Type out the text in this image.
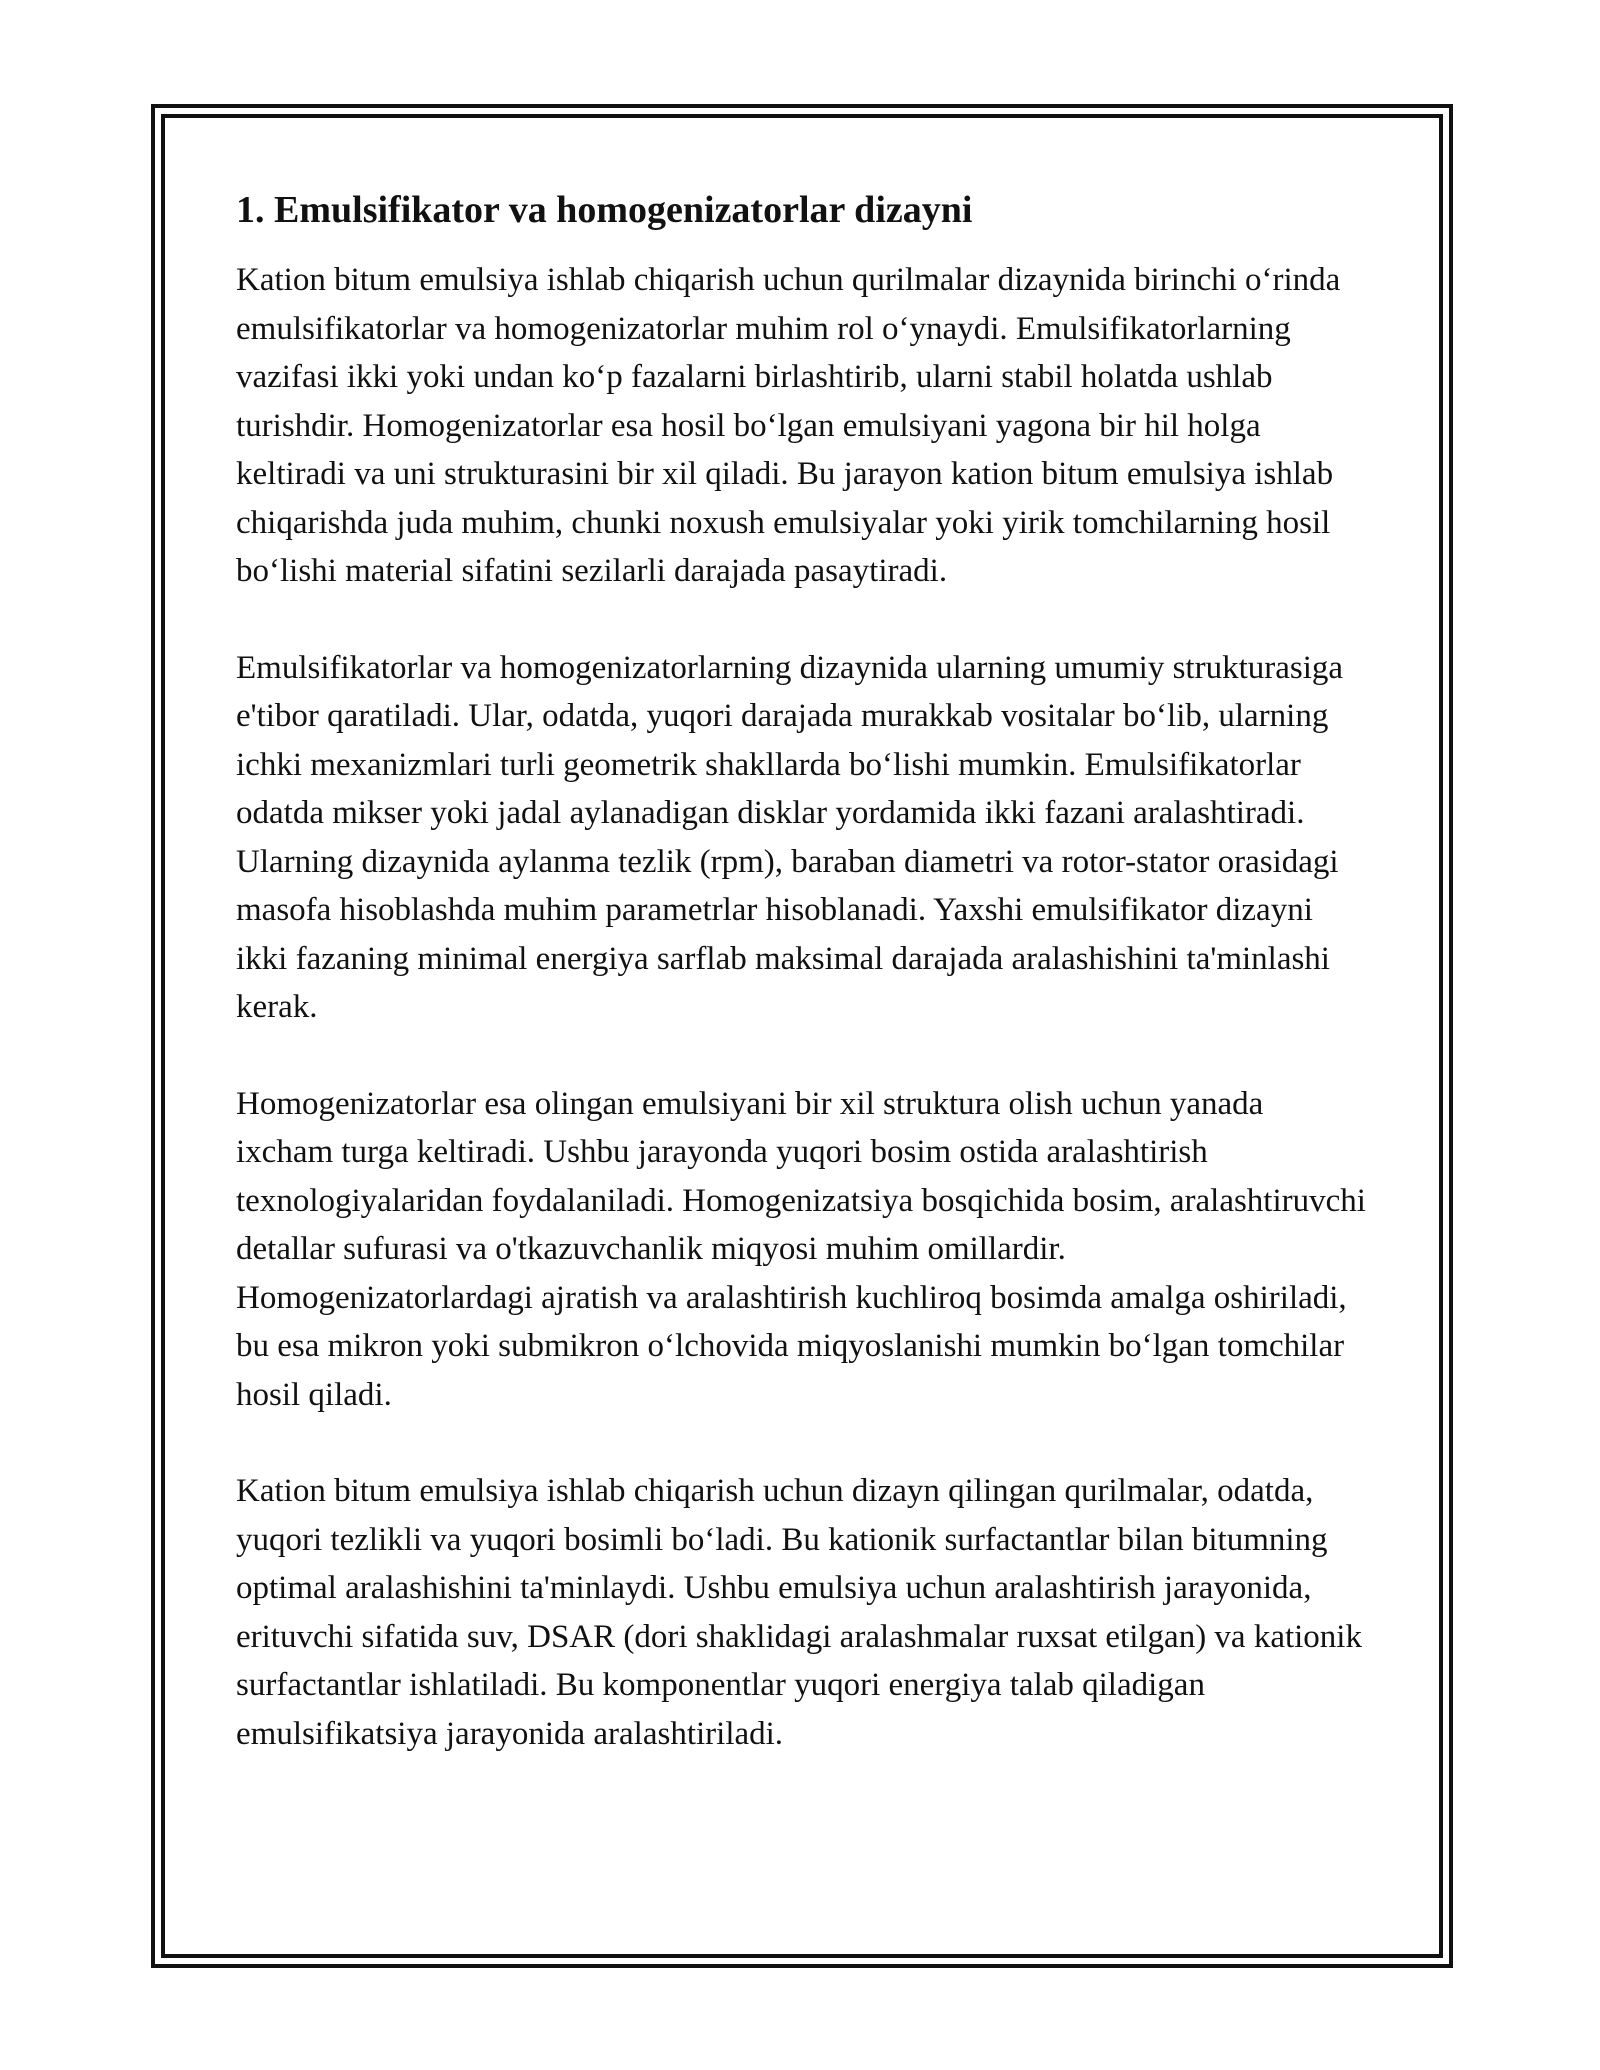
1. Emulsifikator va homogenizatorlar dizayni

Kation bitum emulsiya ishlab chiqarish uchun qurilmalar dizaynida birinchi o‘rinda emulsifikatorlar va homogenizatorlar muhim rol o‘ynaydi. Emulsifikatorlarning vazifasi ikki yoki undan ko‘p fazalarni birlashtirib, ularni stabil holatda ushlab turishdir. Homogenizatorlar esa hosil bo‘lgan emulsiyani yagona bir hil holga keltiradi va uni strukturasini bir xil qiladi. Bu jarayon kation bitum emulsiya ishlab chiqarishda juda muhim, chunki noxush emulsiyalar yoki yirik tomchilarning hosil bo‘lishi material sifatini sezilarli darajada pasaytiradi.

Emulsifikatorlar va homogenizatorlarning dizaynida ularning umumiy strukturasiga e'tibor qaratiladi. Ular, odatda, yuqori darajada murakkab vositalar bo‘lib, ularning ichki mexanizmlari turli geometrik shakllarda bo‘lishi mumkin. Emulsifikatorlar odatda mikser yoki jadal aylanadigan disklar yordamida ikki fazani aralashtiradi. Ularning dizaynida aylanma tezlik (rpm), baraban diametri va rotor-stator orasidagi masofa hisoblashda muhim parametrlar hisoblanadi. Yaxshi emulsifikator dizayni ikki fazaning minimal energiya sarflab maksimal darajada aralashishini ta'minlashi kerak.

Homogenizatorlar esa olingan emulsiyani bir xil struktura olish uchun yanada ixcham turga keltiradi. Ushbu jarayonda yuqori bosim ostida aralashtirish texnologiyalaridan foydalaniladi. Homogenizatsiya bosqichida bosim, aralashtiruvchi detallar sufurasi va o'tkazuvchanlik miqyosi muhim omillardir. Homogenizatorlardagi ajratish va aralashtirish kuchliroq bosimda amalga oshiriladi, bu esa mikron yoki submikron o‘lchovida miqyoslanishi mumkin bo‘lgan tomchilar hosil qiladi.

Kation bitum emulsiya ishlab chiqarish uchun dizayn qilingan qurilmalar, odatda, yuqori tezlikli va yuqori bosimli bo‘ladi. Bu kationik surfactantlar bilan bitumning optimal aralashishini ta'minlaydi. Ushbu emulsiya uchun aralashtirish jarayonida, erituvchi sifatida suv, DSAR (dori shaklidagi aralashmalar ruxsat etilgan) va kationik surfactantlar ishlatiladi. Bu komponentlar yuqori energiya talab qiladigan emulsifikatsiya jarayonida aralashtiriladi.
